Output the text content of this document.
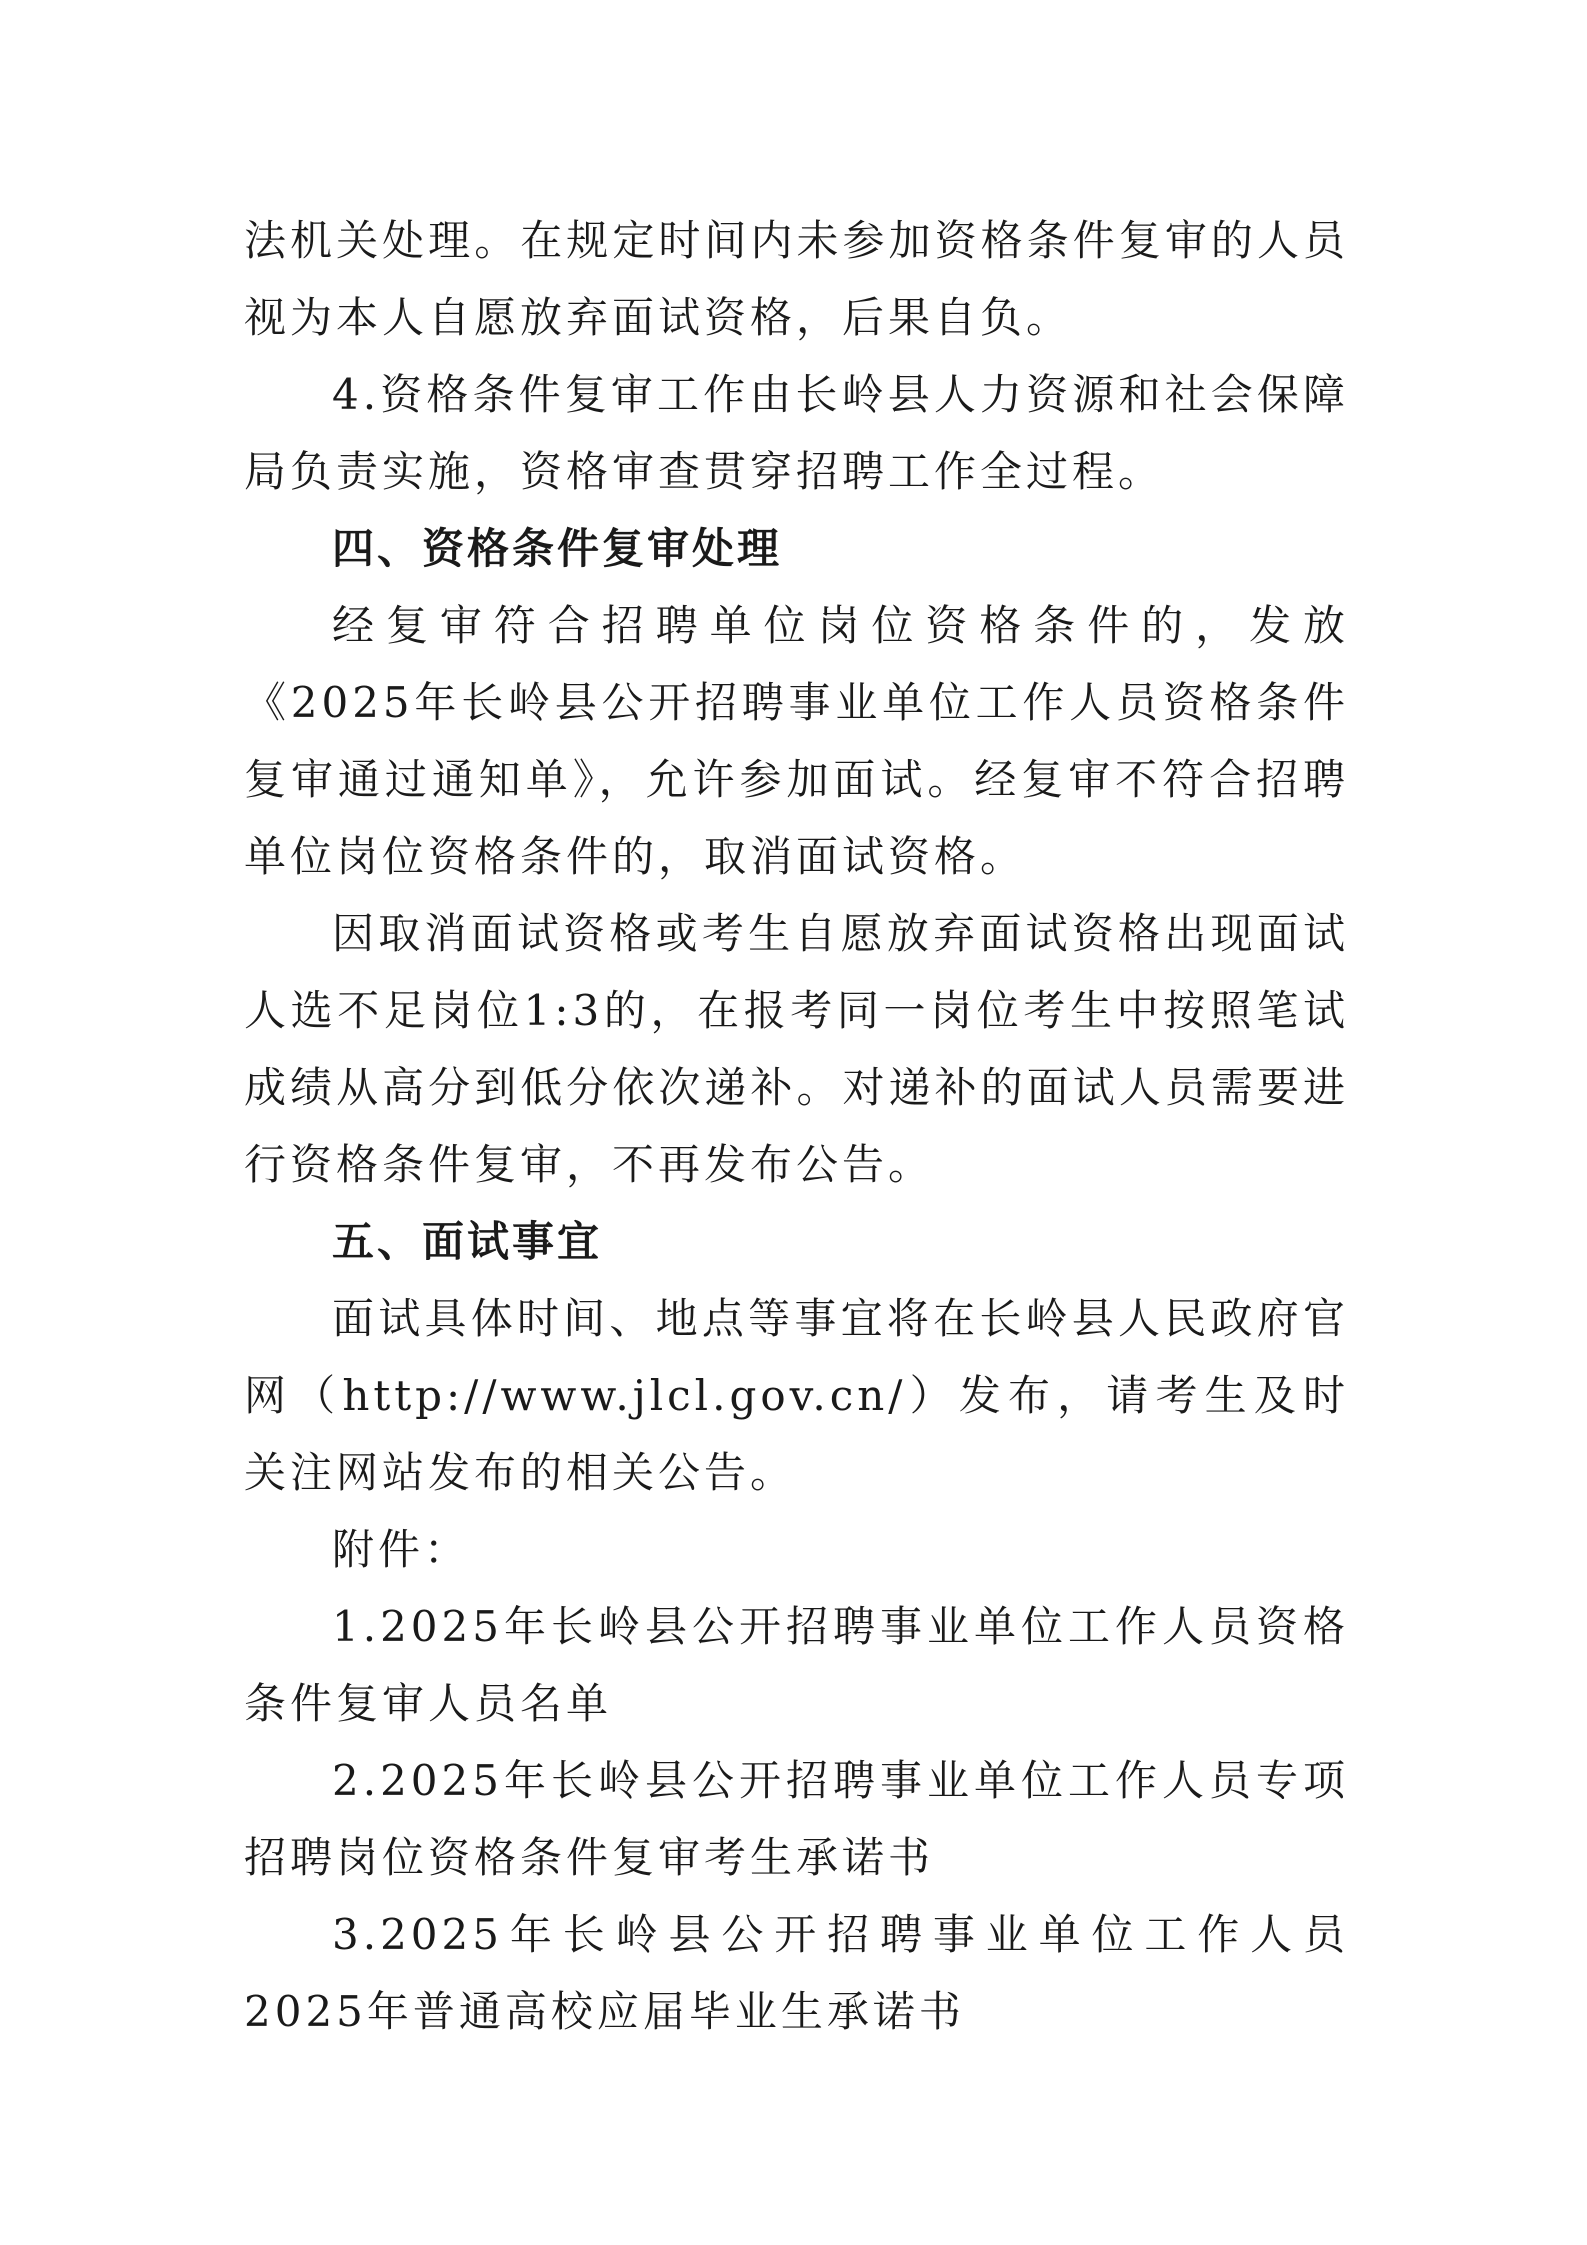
法机关处理。在规定时间内未参加资格条件复审的人员视为本人自愿放弃面试资格，后果自负。

4.资格条件复审工作由长岭县人力资源和社会保障局负责实施，资格审查贯穿招聘工作全过程。

四、资格条件复审处理

经复审符合招聘单位岗位资格条件的，发放《2025年长岭县公开招聘事业单位工作人员资格条件复审通过通知单》，允许参加面试。经复审不符合招聘单位岗位资格条件的，取消面试资格。

因取消面试资格或考生自愿放弃面试资格出现面试人选不足岗位1:3的，在报考同一岗位考生中按照笔试成绩从高分到低分依次递补。对递补的面试人员需要进行资格条件复审，不再发布公告。

五、面试事宜

面试具体时间、地点等事宜将在长岭县人民政府官网（http://www.jlcl.gov.cn/）发布，请考生及时关注网站发布的相关公告。

附件：

1.2025年长岭县公开招聘事业单位工作人员资格条件复审人员名单

2.2025年长岭县公开招聘事业单位工作人员专项招聘岗位资格条件复审考生承诺书

3.2025年长岭县公开招聘事业单位工作人员2025年普通高校应届毕业生承诺书
